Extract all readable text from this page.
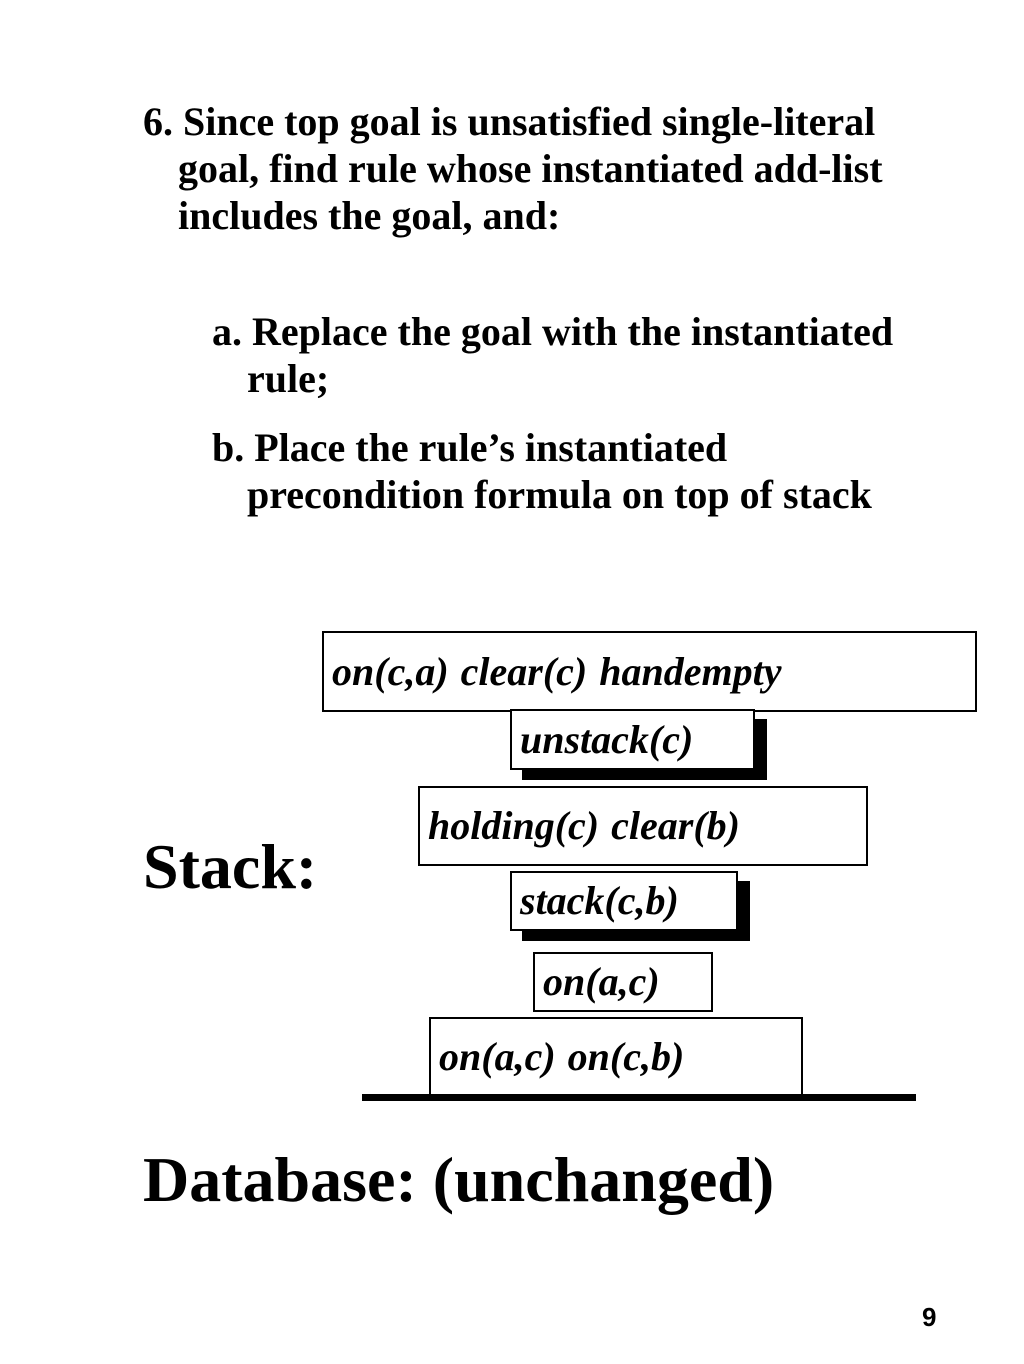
6. Since top goal is unsatisfied single-literal goal, find rule whose instantiated add-list includes the goal, and:
a. Replace the goal with the instantiated rule;
b. Place the rule’s instantiated precondition formula on top of stack
Stack:
on(c,a) clear(c) handempty
unstack(c)
holding(c) clear(b)
stack(c,b)
on(a,c)
on(a,c) on(c,b)
Database: (unchanged)
9
